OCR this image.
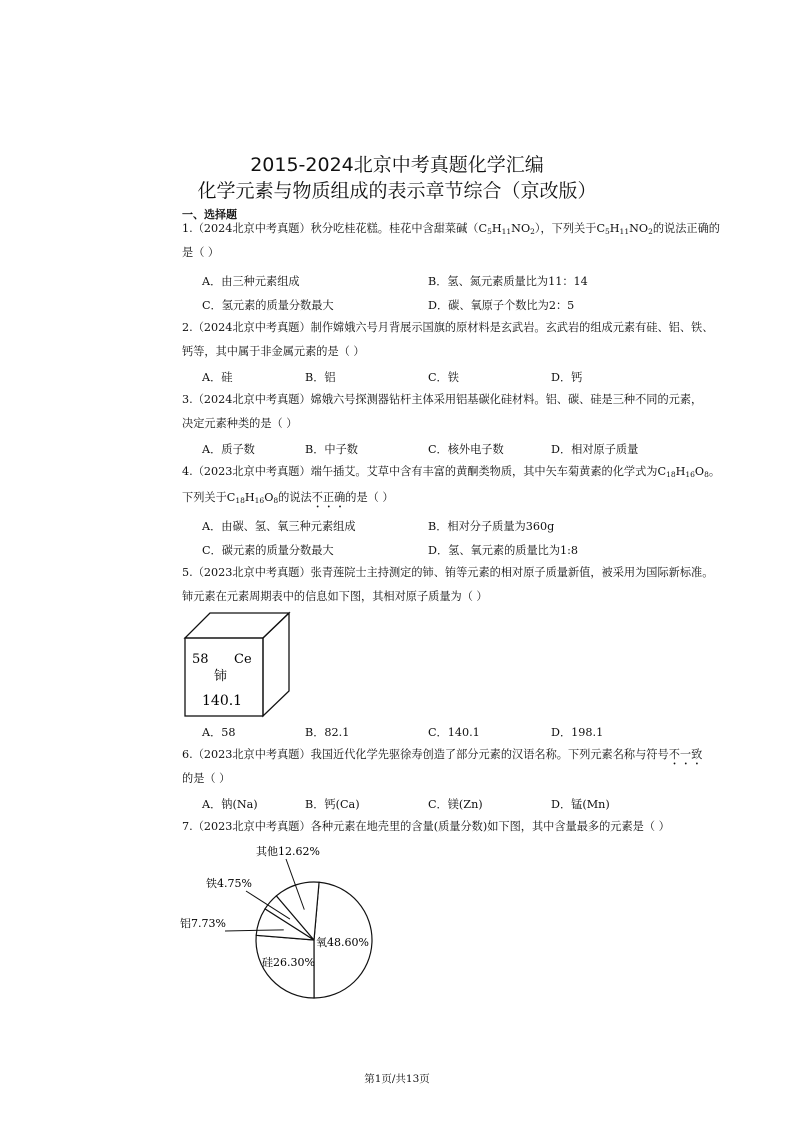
2015-2024北京中考真题化学汇编
化学元素与物质组成的表示章节综合（京改版）
一、选择题
1.（2024北京中考真题）秋分吃桂花糕。桂花中含甜菜碱$(C_5H_{11}NO_2)$，下列关于$C_5H_{11}NO_2$的说法正确的
是（ ）
A．由三种元素组成	B．氢、氮元素质量比为11：14
C．氢元素的质量分数最大	D．碳、氧原子个数比为2：5
2.（2024北京中考真题）制作嫦娥六号月背展示国旗的原材料是玄武岩。玄武岩的组成元素有硅、铝、铁、
钙等，其中属于非金属元素的是（ ）
A．硅	B．铝	C．铁	D．钙
3.（2024北京中考真题）嫦娥六号探测器钻杆主体采用铝基碳化硅材料。铝、碳、硅是三种不同的元素，
决定元素种类的是（ ）
A．质子数	B．中子数	C．核外电子数	D．相对原子质量
4.（2023北京中考真题）端午插艾。艾草中含有丰富的黄酮类物质，其中矢车菊黄素的化学式为$C_{18}H_{16}O_8$。
下列关于$C_{18}H_{16}O_8$的说法不正确的是（ ）
A．由碳、氢、氧三种元素组成	B．相对分子质量为360g
C．碳元素的质量分数最大	D．氢、氧元素的质量比为1:8
5.（2023北京中考真题）张青莲院士主持测定的铈、铕等元素的相对原子质量新值，被采用为国际新标准。
铈元素在元素周期表中的信息如下图，其相对原子质量为（ ）
58 Ce
铈
140.1
A．58	B．82.1	C．140.1	D．198.1
6.（2023北京中考真题）我国近代化学先驱徐寿创造了部分元素的汉语名称。下列元素名称与符号不一致
的是（ ）
A．钠(Na)	B．钙(Ca)	C．镁(Zn)	D．锰(Mn)
7.（2023北京中考真题）各种元素在地壳里的含量(质量分数)如下图，其中含量最多的元素是（ ）
氧48.60%
硅26.30%
铝7.73%
铁4.75%
其他12.62%
第1页/共13页
